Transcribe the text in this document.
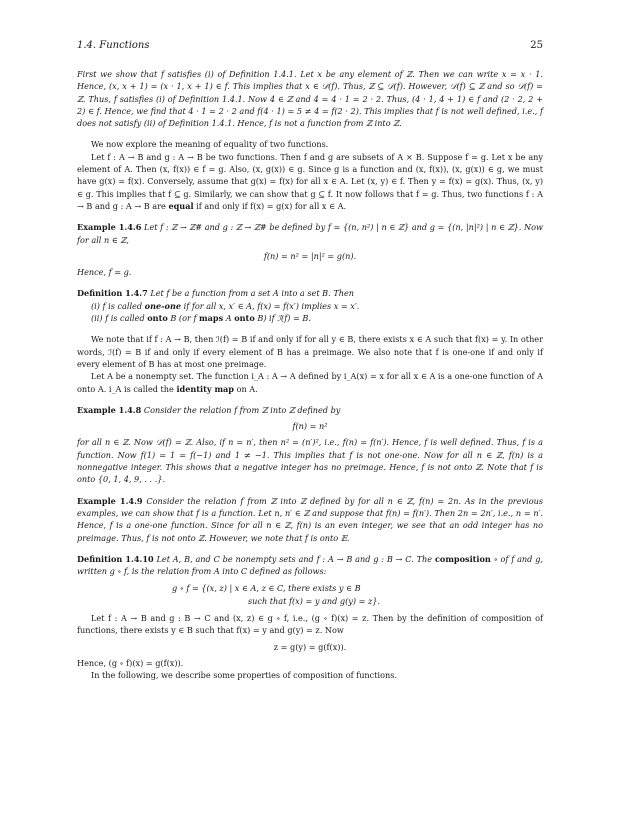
1.4. Functions	25

First we show that f satisfies (i) of Definition 1.4.1. Let x be any element of ℤ. Then we can write x = x · 1. Hence, (x, x + 1) = (x · 1, x + 1) ∈ f. This implies that x ∈ 𝒟(f). Thus, ℤ ⊆ 𝒟(f). However, 𝒟(f) ⊆ ℤ and so 𝒟(f) = ℤ. Thus, f satisfies (i) of Definition 1.4.1. Now 4 ∈ ℤ and 4 = 4 · 1 = 2 · 2. Thus, (4 · 1, 4 + 1) ∈ f and (2 · 2, 2 + 2) ∈ f. Hence, we find that 4 · 1 = 2 · 2 and f(4 · 1) = 5 ≠ 4 = f(2 · 2). This implies that f is not well defined, i.e., f does not satisfy (ii) of Definition 1.4.1. Hence, f is not a function from ℤ into ℤ.

We now explore the meaning of equality of two functions.

Let f : A → B and g : A → B be two functions. Then f and g are subsets of A × B. Suppose f = g. Let x be any element of A. Then (x, f(x)) ∈ f = g. Also, (x, g(x)) ∈ g. Since g is a function and (x, f(x)), (x, g(x)) ∈ g, we must have g(x) = f(x). Conversely, assume that g(x) = f(x) for all x ∈ A. Let (x, y) ∈ f. Then y = f(x) = g(x). Thus, (x, y) ∈ g. This implies that f ⊆ g. Similarly, we can show that g ⊆ f. It now follows that f = g. Thus, two functions f : A → B and g : A → B are equal if and only if f(x) = g(x) for all x ∈ A.

Example 1.4.6 Let f : ℤ → ℤ# and g : ℤ → ℤ# be defined by f = {(n, n²) | n ∈ ℤ} and g = {(n, |n|²) | n ∈ ℤ}. Now for all n ∈ ℤ,

f(n) = n² = |n|² = g(n).

Hence, f = g.

Definition 1.4.7 Let f be a function from a set A into a set B. Then

(i) f is called one-one if for all x, x′ ∈ A, f(x) = f(x′) implies x = x′.

(ii) f is called onto B (or f maps A onto B) if ℐ(f) = B.

We note that if f : A → B, then ℐ(f) = B if and only if for all y ∈ B, there exists x ∈ A such that f(x) = y. In other words, ℐ(f) = B if and only if every element of B has a preimage. We also note that f is one-one if and only if every element of B has at most one preimage.

Let A be a nonempty set. The function i_A : A → A defined by i_A(x) = x for all x ∈ A is a one-one function of A onto A. i_A is called the identity map on A.

Example 1.4.8 Consider the relation f from ℤ into ℤ defined by

f(n) = n²

for all n ∈ ℤ. Now 𝒟(f) = ℤ. Also, if n = n′, then n² = (n′)², i.e., f(n) = f(n′). Hence, f is well defined. Thus, f is a function. Now f(1) = 1 = f(−1) and 1 ≠ −1. This implies that f is not one-one. Now for all n ∈ ℤ, f(n) is a nonnegative integer. This shows that a negative integer has no preimage. Hence, f is not onto ℤ. Note that f is onto {0, 1, 4, 9, . . .}.

Example 1.4.9 Consider the relation f from ℤ into ℤ defined by for all n ∈ ℤ, f(n) = 2n. As in the previous examples, we can show that f is a function. Let n, n′ ∈ ℤ and suppose that f(n) = f(n′). Then 2n = 2n′, i.e., n = n′. Hence, f is a one-one function. Since for all n ∈ ℤ, f(n) is an even integer, we see that an odd integer has no preimage. Thus, f is not onto ℤ. However, we note that f is onto 𝔼.

Definition 1.4.10 Let A, B, and C be nonempty sets and f : A → B and g : B → C. The composition ∘ of f and g, written g ∘ f, is the relation from A into C defined as follows:

g ∘ f = {(x, z) | x ∈ A, z ∈ C, there exists y ∈ B
such that f(x) = y and g(y) = z}.

Let f : A → B and g : B → C and (x, z) ∈ g ∘ f, i.e., (g ∘ f)(x) = z. Then by the definition of composition of functions, there exists y ∈ B such that f(x) = y and g(y) = z. Now

z = g(y) = g(f(x)).

Hence, (g ∘ f)(x) = g(f(x)).

In the following, we describe some properties of composition of functions.
